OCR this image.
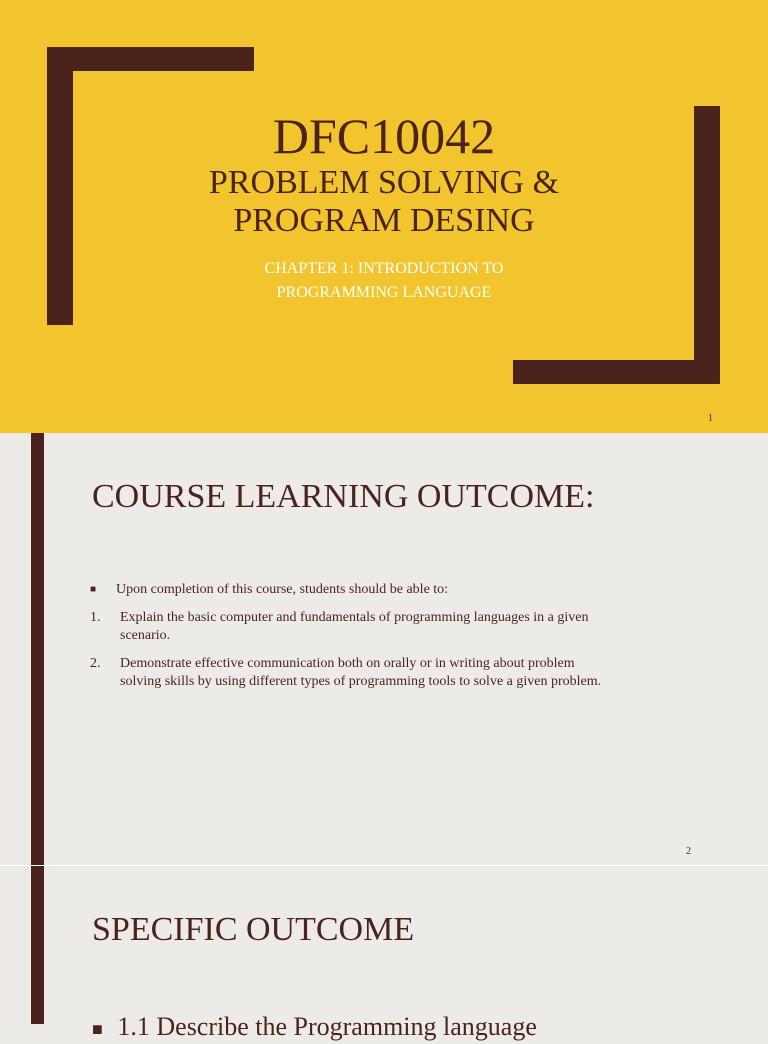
DFC10042
PROBLEM SOLVING &
PROGRAM DESING
CHAPTER 1: INTRODUCTION TO
PROGRAMMING LANGUAGE
1
COURSE LEARNING OUTCOME:
■	Upon completion of this course, students should be able to:
1.	Explain the basic computer and fundamentals of programming languages in a given
scenario.
2.	Demonstrate effective communication both on orally or in writing about problem
solving skills by using different types of programming tools to solve a given problem.
2
SPECIFIC OUTCOME
■ 1.1 Describe the Programming language
